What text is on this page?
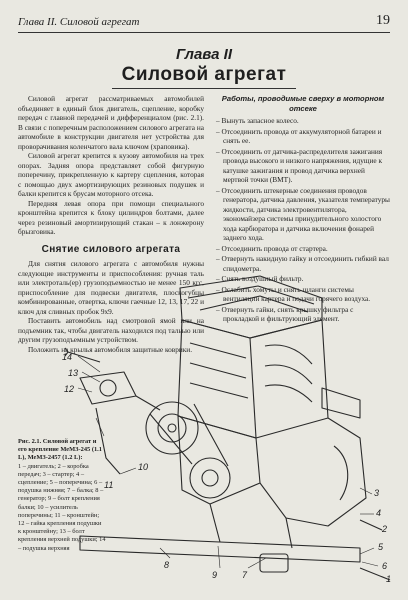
Глава II. Силовой агрегат	19
Глава II
Силовой агрегат

Силовой агрегат рассматриваемых автомобилей объединяет в единый блок двигатель, сцепление, коробку передач с главной передачей и дифференциалом (рис. 2.1). В связи с поперечным расположением силового агрегата на автомобиле в конструкции двигателя нет устройства для проворачивания коленчатого вала ключом (храповика).

Силовой агрегат крепится к кузову автомобиля на трех опорах. Задняя опора представляет собой фигурную поперечину, прикрепленную к картеру сцепления, которая с помощью двух амортизирующих резиновых подушек и балки крепится к брусам моторного отсека.

Передняя левая опора при помощи специального кронштейна крепится к блоку цилиндров болтами, далее через резиновый амортизирующий стакан – к лонжерону брызговика.

Снятие силового агрегата

Для снятия силового агрегата с автомобиля нужны следующие инструменты и приспособления: ручная таль или электроталь(ер) грузоподъемностью не менее 150 кгс, приспособление для подвески двигателя, плоскогубцы комбинированные, отвертка, ключи гаечные 12, 13, 17, 22 и ключ для сливных пробок 9х9.

Поставить автомобиль над смотровой ямой или на подъемник так, чтобы двигатель находился под тальью или другим грузоподъемным устройством.

Положить на крылья автомобиля защитные коврики.

Работы, проводимые сверху в моторном отсеке
– Вынуть запасное колесо.
– Отсоединить провода от аккумуляторной батареи и снять ее.
– Отсоединить от датчика-распределителя зажигания провода высокого и низкого напряжения, идущие к катушке зажигания и провод датчика верхней мертвой точки (ВМТ).
– Отсоединить штекерные соединения проводов генератора, датчика давления, указателя температуры жидкости, датчика электровентилятора, экономайзера системы принудительного холостого хода карбюратора и датчика включения фонарей заднего хода.
– Отсоединить провода от стартера.
– Отвернуть накидную гайку и отсоединить гибкий вал спидометра.
– Снять воздушный фильтр.
– Ослабить хомуты и снять шланги системы вентиляции картера и подачи горячего воздуха.
– Отвернуть гайки, снять крышку фильтра с прокладкой и фильтрующий элемент.
14
13
12
11
10
9
8
7
6
5
4
3
2
1
Рис. 2.1. Силовой агрегат и его крепление МеМЗ-245 (1.1 L), МеМЗ-2457 (1.2 L):
1 – двигатель; 2 – коробка передач; 3 – стартер; 4 – сцепление; 5 – поперечина; 6 – подушка нижняя; 7 – балка; 8 – генератор; 9 – болт крепления балки; 10 – усилитель поперечины; 11 – кронштейн; 12 – гайка крепления подушки к кронштейну; 13 – болт крепления верхней подушки; 14 – подушка верхняя
